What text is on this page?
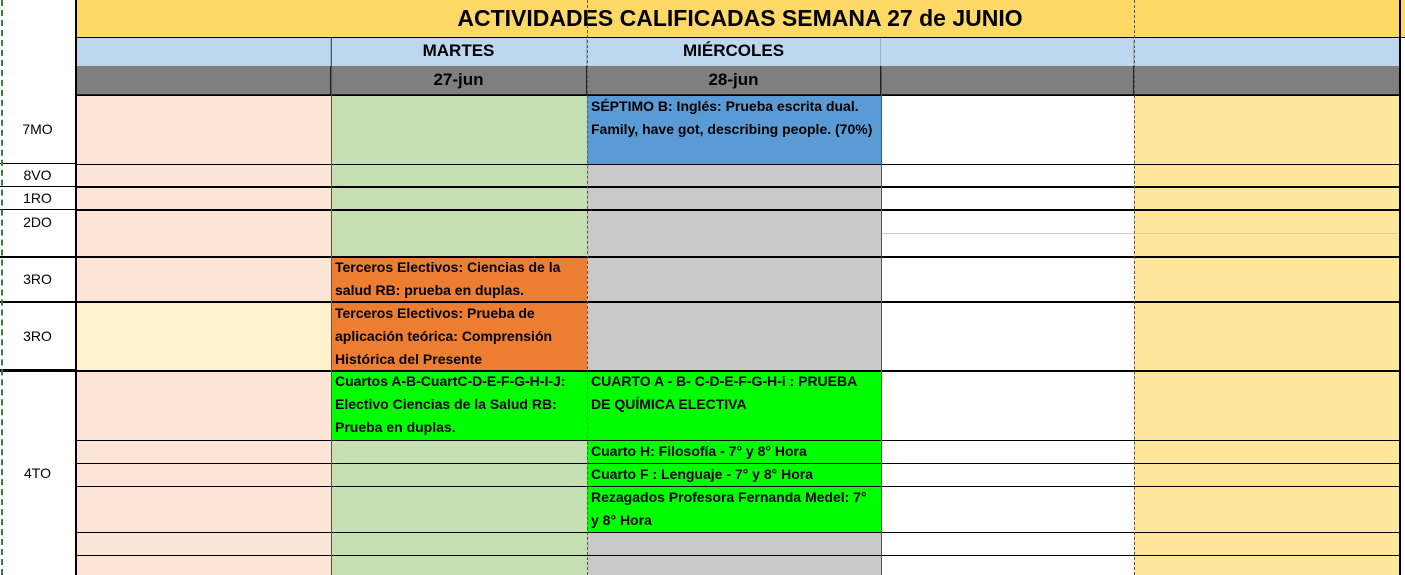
ACTIVIDADES CALIFICADAS SEMANA 27 de JUNIO
MARTES	MIÉRCOLES
27-jun	28-jun
7MO
8VO
1RO
2DO
3RO
3RO
4TO
SÉPTIMO B: Inglés: Prueba escrita dual. Family, have got, describing people. (70%)
Terceros Electivos: Ciencias de la salud RB: prueba en duplas.
Terceros Electivos: Prueba de aplicación teórica: Comprensión Histórica del Presente
Cuartos A-B-CuartC-D-E-F-G-H-I-J: Electivo Ciencias de la Salud RB: Prueba en duplas.
CUARTO A - B- C-D-E-F-G-H-i : PRUEBA DE QUÍMICA ELECTIVA
Cuarto H: Filosofía - 7° y 8° Hora
Cuarto F : Lenguaje - 7° y 8° Hora
Rezagados Profesora Fernanda Medel: 7° y 8° Hora
